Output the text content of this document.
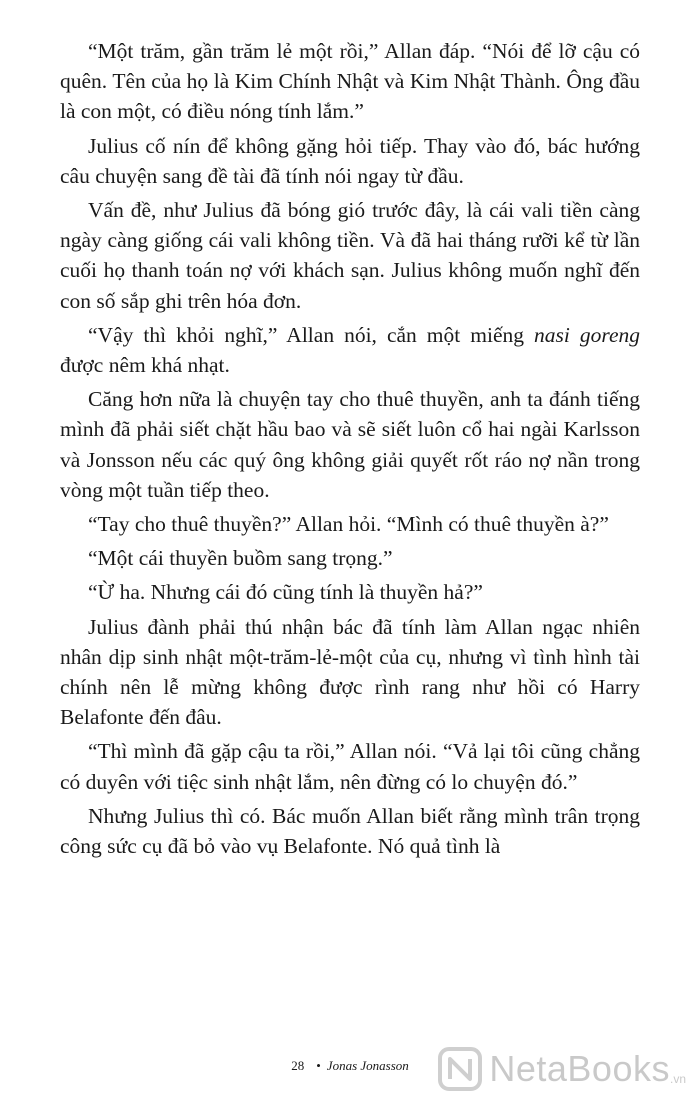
“Một trăm, gần trăm lẻ một rồi,” Allan đáp. “Nói để lỡ cậu có quên. Tên của họ là Kim Chính Nhật và Kim Nhật Thành. Ông đầu là con một, có điều nóng tính lắm.”

Julius cố nín để không gặng hỏi tiếp. Thay vào đó, bác hướng câu chuyện sang đề tài đã tính nói ngay từ đầu.

Vấn đề, như Julius đã bóng gió trước đây, là cái vali tiền càng ngày càng giống cái vali không tiền. Và đã hai tháng rưỡi kể từ lần cuối họ thanh toán nợ với khách sạn. Julius không muốn nghĩ đến con số sắp ghi trên hóa đơn.

“Vậy thì khỏi nghĩ,” Allan nói, cắn một miếng nasi goreng được nêm khá nhạt.

Căng hơn nữa là chuyện tay cho thuê thuyền, anh ta đánh tiếng mình đã phải siết chặt hầu bao và sẽ siết luôn cổ hai ngài Karlsson và Jonsson nếu các quý ông không giải quyết rốt ráo nợ nần trong vòng một tuần tiếp theo.

“Tay cho thuê thuyền?” Allan hỏi. “Mình có thuê thuyền à?”

“Một cái thuyền buồm sang trọng.”

“Ừ ha. Nhưng cái đó cũng tính là thuyền hả?”

Julius đành phải thú nhận bác đã tính làm Allan ngạc nhiên nhân dịp sinh nhật một-trăm-lẻ-một của cụ, nhưng vì tình hình tài chính nên lễ mừng không được rình rang như hồi có Harry Belafonte đến đâu.

“Thì mình đã gặp cậu ta rồi,” Allan nói. “Vả lại tôi cũng chẳng có duyên với tiệc sinh nhật lắm, nên đừng có lo chuyện đó.”

Nhưng Julius thì có. Bác muốn Allan biết rằng mình trân trọng công sức cụ đã bỏ vào vụ Belafonte. Nó quả tình là

28 • Jonas Jonasson	NetaBooks .vn
